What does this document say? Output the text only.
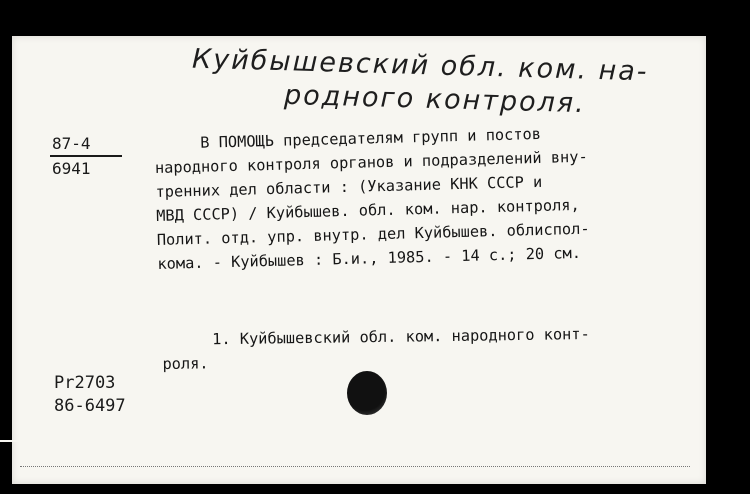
Куйбышевский обл. ком. на-
родного контроля.
87-4
6941
В ПОМОЩЬ председателям групп и постов
народного контроля органов и подразделений вну-
тренних дел области : (Указание КНК СССР и
МВД СССР) / Куйбышев. обл. ком. нар. контроля,
Полит. отд. упр. внутр. дел Куйбышев. облиспол-
кома. - Куйбышев : Б.и., 1985. - 14 с.; 20 см.
1. Куйбышевский обл. ком. народного конт-
роля.
Pr2703
86-6497
